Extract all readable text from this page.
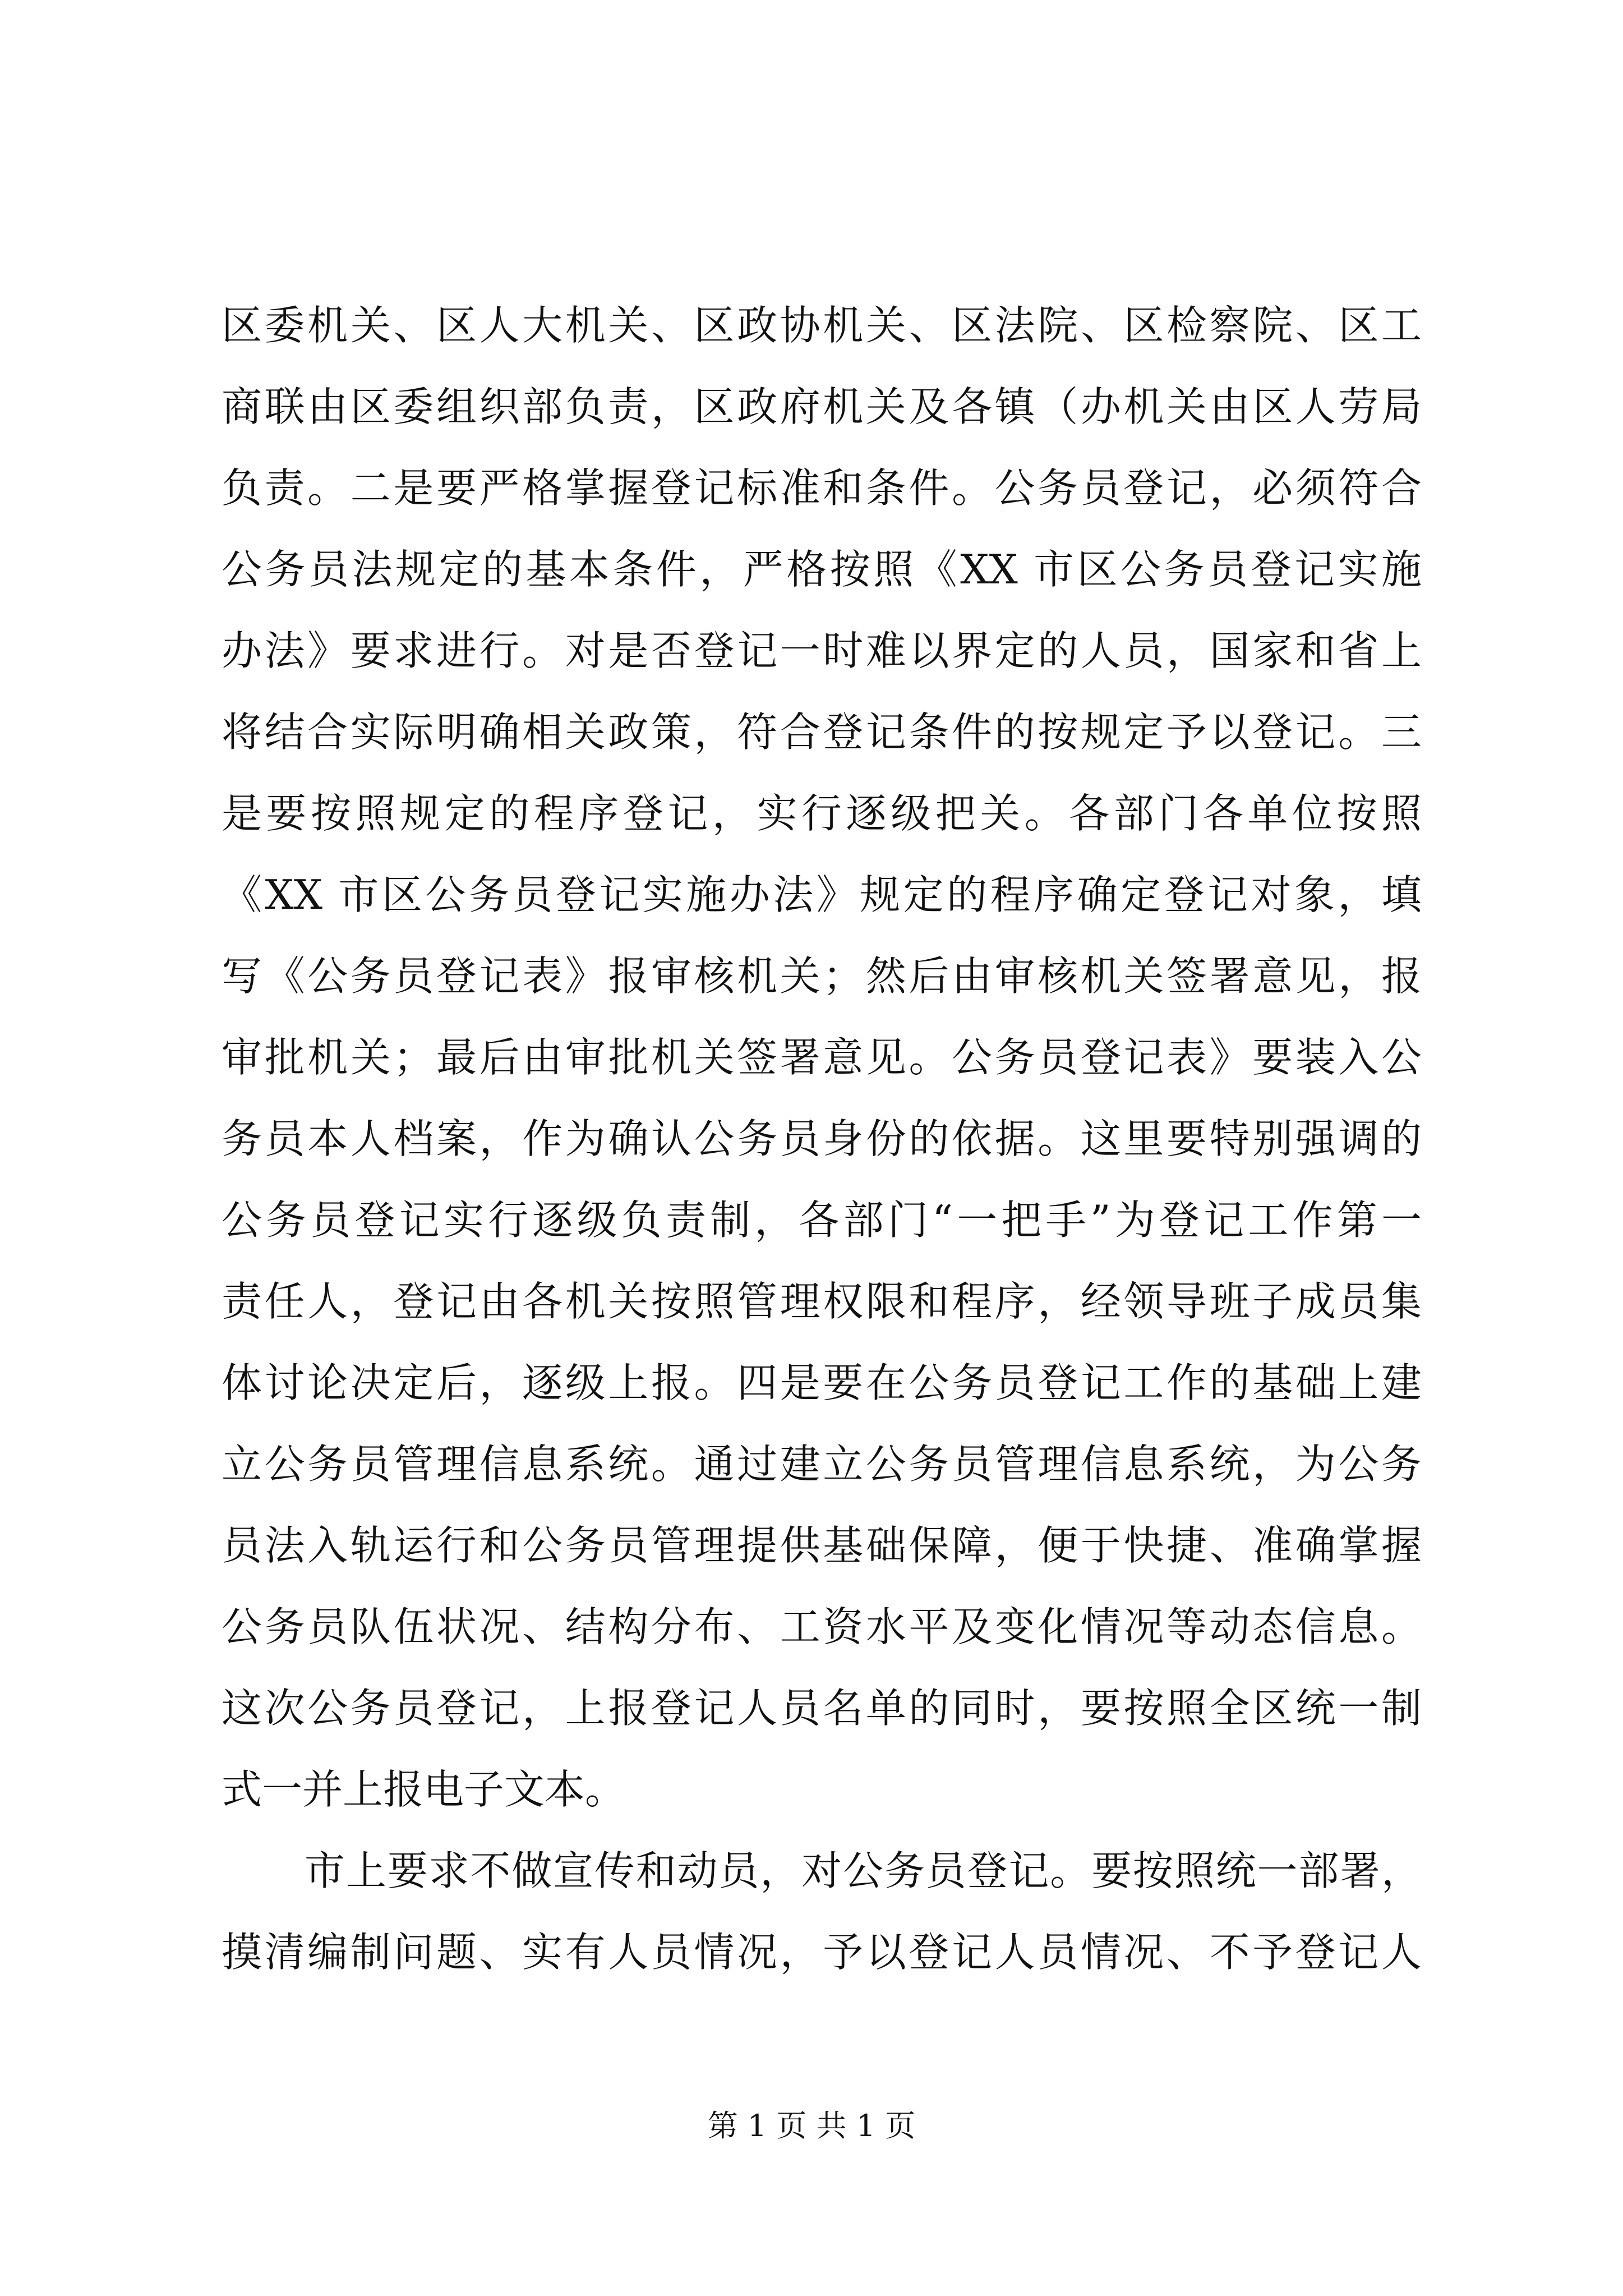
区委机关、区人大机关、区政协机关、区法院、区检察院、区工
商联由区委组织部负责，区政府机关及各镇（办机关由区人劳局
负责。二是要严格掌握登记标准和条件。公务员登记，必须符合
公务员法规定的基本条件，严格按照《XX 市区公务员登记实施
办法》要求进行。对是否登记一时难以界定的人员，国家和省上
将结合实际明确相关政策，符合登记条件的按规定予以登记。三
是要按照规定的程序登记，实行逐级把关。各部门各单位按照
《XX 市区公务员登记实施办法》规定的程序确定登记对象，填
写《公务员登记表》报审核机关；然后由审核机关签署意见，报
审批机关；最后由审批机关签署意见。公务员登记表》要装入公
务员本人档案，作为确认公务员身份的依据。这里要特别强调的
公务员登记实行逐级负责制，各部门“一把手”为登记工作第一
责任人，登记由各机关按照管理权限和程序，经领导班子成员集
体讨论决定后，逐级上报。四是要在公务员登记工作的基础上建
立公务员管理信息系统。通过建立公务员管理信息系统，为公务
员法入轨运行和公务员管理提供基础保障，便于快捷、准确掌握
公务员队伍状况、结构分布、工资水平及变化情况等动态信息。
这次公务员登记，上报登记人员名单的同时，要按照全区统一制
式一并上报电子文本。
市上要求不做宣传和动员，对公务员登记。要按照统一部署，
摸清编制问题、实有人员情况，予以登记人员情况、不予登记人
第 1 页 共 1 页
